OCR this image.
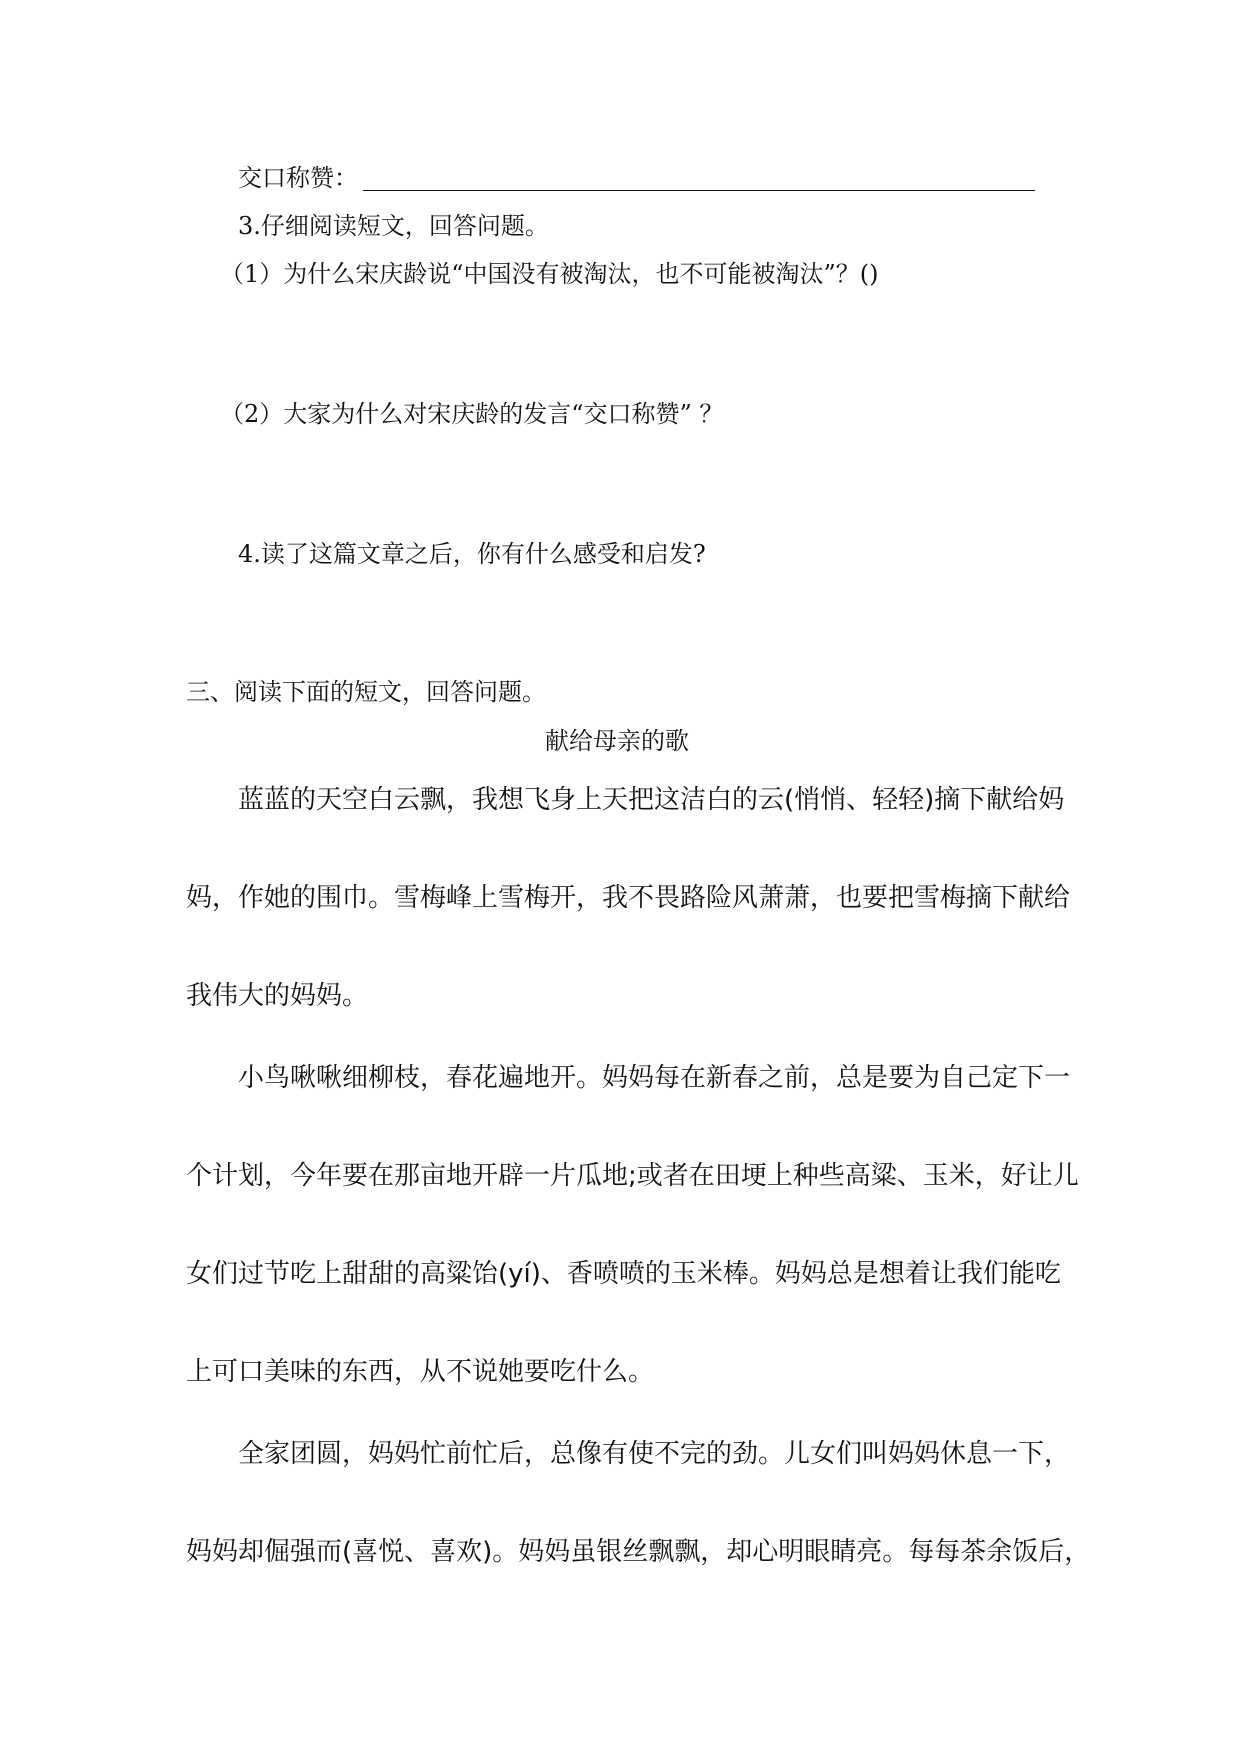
交口称赞：
3.仔细阅读短文，回答问题。
（1）为什么宋庆龄说“中国没有被淘汰，也不可能被淘汰”？()
（2）大家为什么对宋庆龄的发言“交口称赞” ？
4.读了这篇文章之后，你有什么感受和启发?
三、阅读下面的短文，回答问题。
献给母亲的歌
蓝蓝的天空白云飘，我想飞身上天把这洁白的云(悄悄、轻轻)摘下献给妈
妈，作她的围巾。雪梅峰上雪梅开，我不畏路险风萧萧，也要把雪梅摘下献给
我伟大的妈妈。
小鸟啾啾细柳枝，春花遍地开。妈妈每在新春之前，总是要为自己定下一
个计划，今年要在那亩地开辟一片瓜地;或者在田埂上种些高粱、玉米，好让儿
女们过节吃上甜甜的高粱饴(yí)、香喷喷的玉米棒。妈妈总是想着让我们能吃
上可口美味的东西，从不说她要吃什么。
全家团圆，妈妈忙前忙后，总像有使不完的劲。儿女们叫妈妈休息一下，
妈妈却倔强而(喜悦、喜欢)。妈妈虽银丝飘飘，却心明眼睛亮。每每茶余饭后，
